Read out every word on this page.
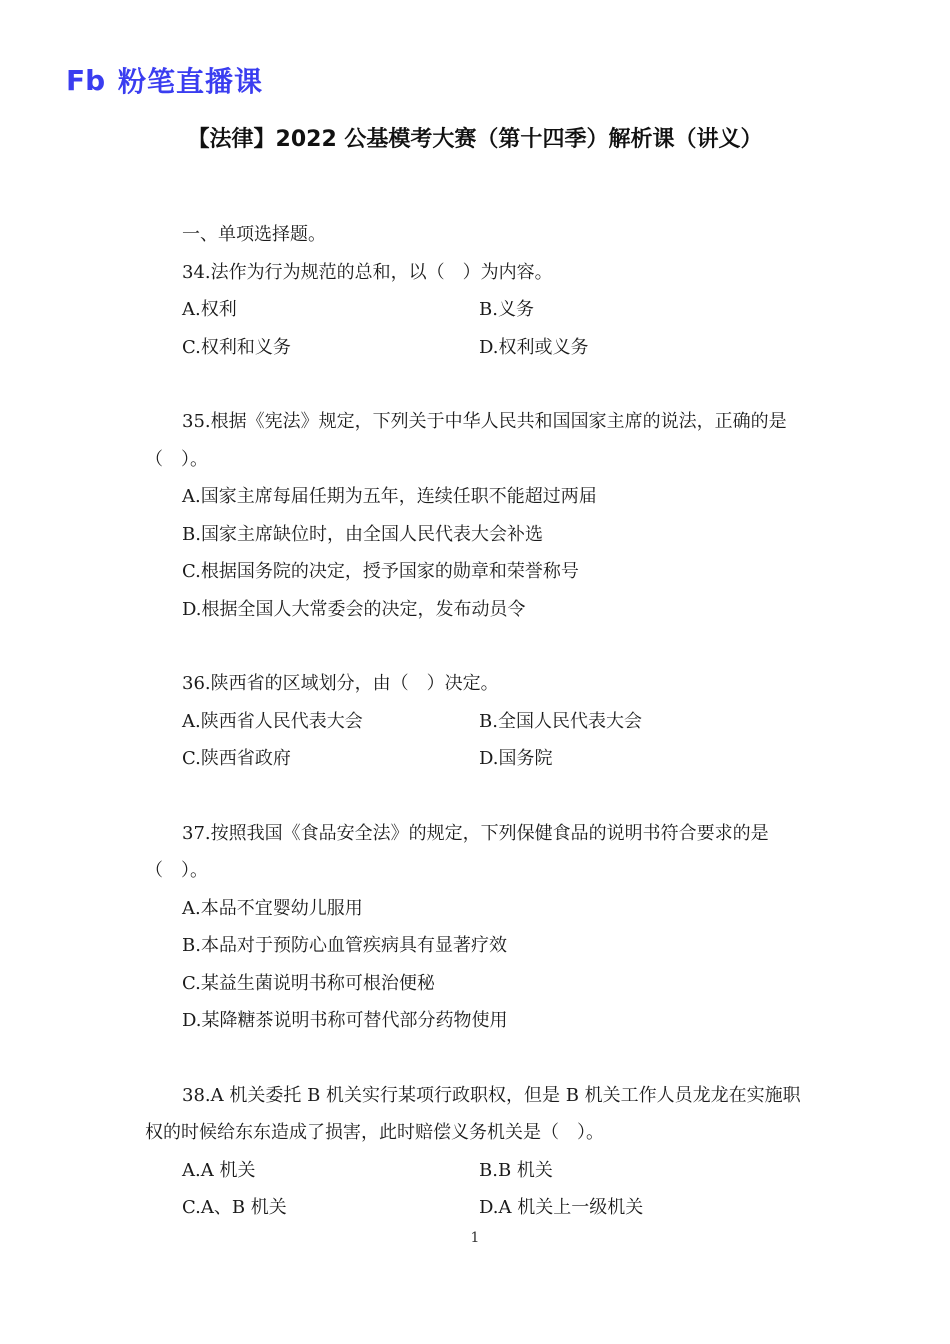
Fb 粉笔直播课
【法律】2022 公基模考大赛（第十四季）解析课（讲义）

一、单项选择题。

34.法作为行为规范的总和，以（　）为内容。

A.权利	B.义务
C.权利和义务	D.权利或义务

35.根据《宪法》规定，下列关于中华人民共和国国家主席的说法，正确的是（　）。

A.国家主席每届任期为五年，连续任职不能超过两届
B.国家主席缺位时，由全国人民代表大会补选
C.根据国务院的决定，授予国家的勋章和荣誉称号
D.根据全国人大常委会的决定，发布动员令

36.陕西省的区域划分，由（　）决定。

A.陕西省人民代表大会	B.全国人民代表大会
C.陕西省政府	D.国务院

37.按照我国《食品安全法》的规定，下列保健食品的说明书符合要求的是（　）。

A.本品不宜婴幼儿服用
B.本品对于预防心血管疾病具有显著疗效
C.某益生菌说明书称可根治便秘
D.某降糖茶说明书称可替代部分药物使用

38.A 机关委托 B 机关实行某项行政职权，但是 B 机关工作人员龙龙在实施职权的时候给东东造成了损害，此时赔偿义务机关是（　）。

A.A 机关	B.B 机关
C.A、B 机关	D.A 机关上一级机关
1
